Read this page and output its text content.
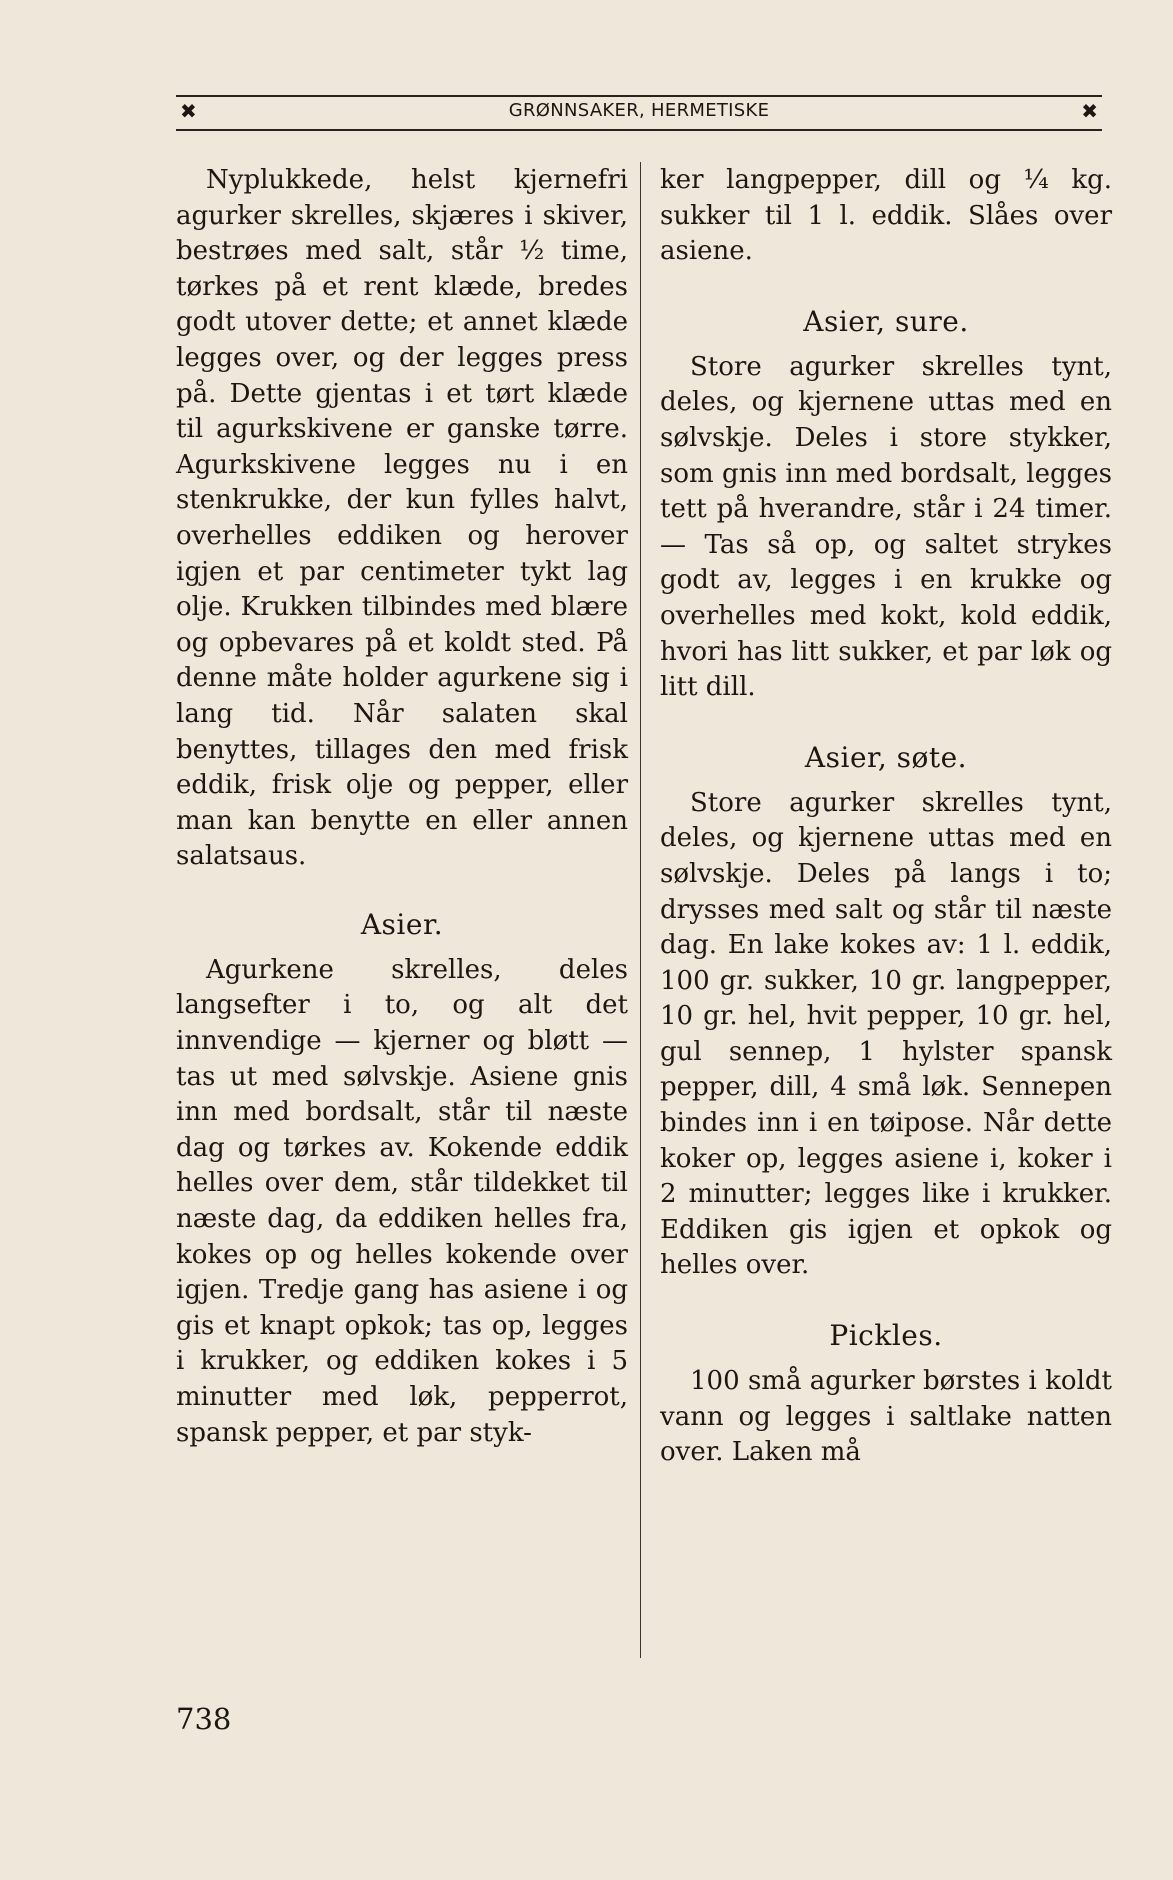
✖	GRØNNSAKER, HERMETISKE	✖

Nyplukkede, helst kjernefri agurker skrelles, skjæres i skiver, bestrøes med salt, står ½ time, tørkes på et rent klæde, bredes godt utover dette; et annet klæde legges over, og der legges press på. Dette gjentas i et tørt klæde til agurkskivene er ganske tørre. Agurkskivene legges nu i en stenkrukke, der kun fylles halvt, overhelles eddiken og herover igjen et par centimeter tykt lag olje. Krukken tilbindes med blære og opbevares på et koldt sted. På denne måte holder agurkene sig i lang tid. Når salaten skal benyttes, tillages den med frisk eddik, frisk olje og pepper, eller man kan benytte en eller annen salatsaus.

Asier.

Agurkene skrelles, deles langsefter i to, og alt det innvendige — kjerner og bløtt — tas ut med sølvskje. Asiene gnis inn med bordsalt, står til næste dag og tørkes av. Kokende eddik helles over dem, står tildekket til næste dag, da eddiken helles fra, kokes op og helles kokende over igjen. Tredje gang has asiene i og gis et knapt opkok; tas op, legges i krukker, og eddiken kokes i 5 minutter med løk, pepperrot, spansk pepper, et par styk-

ker langpepper, dill og ¼ kg. sukker til 1 l. eddik. Slåes over asiene.

Asier, sure.

Store agurker skrelles tynt, deles, og kjernene uttas med en sølvskje. Deles i store stykker, som gnis inn med bordsalt, legges tett på hverandre, står i 24 timer. — Tas så op, og saltet strykes godt av, legges i en krukke og overhelles med kokt, kold eddik, hvori has litt sukker, et par løk og litt dill.

Asier, søte.

Store agurker skrelles tynt, deles, og kjernene uttas med en sølvskje. Deles på langs i to; drysses med salt og står til næste dag. En lake kokes av: 1 l. eddik, 100 gr. sukker, 10 gr. langpepper, 10 gr. hel, hvit pepper, 10 gr. hel, gul sennep, 1 hylster spansk pepper, dill, 4 små løk. Sennepen bindes inn i en tøipose. Når dette koker op, legges asiene i, koker i 2 minutter; legges like i krukker. Eddiken gis igjen et opkok og helles over.

Pickles.

100 små agurker børstes i koldt vann og legges i saltlake natten over. Laken må

738
